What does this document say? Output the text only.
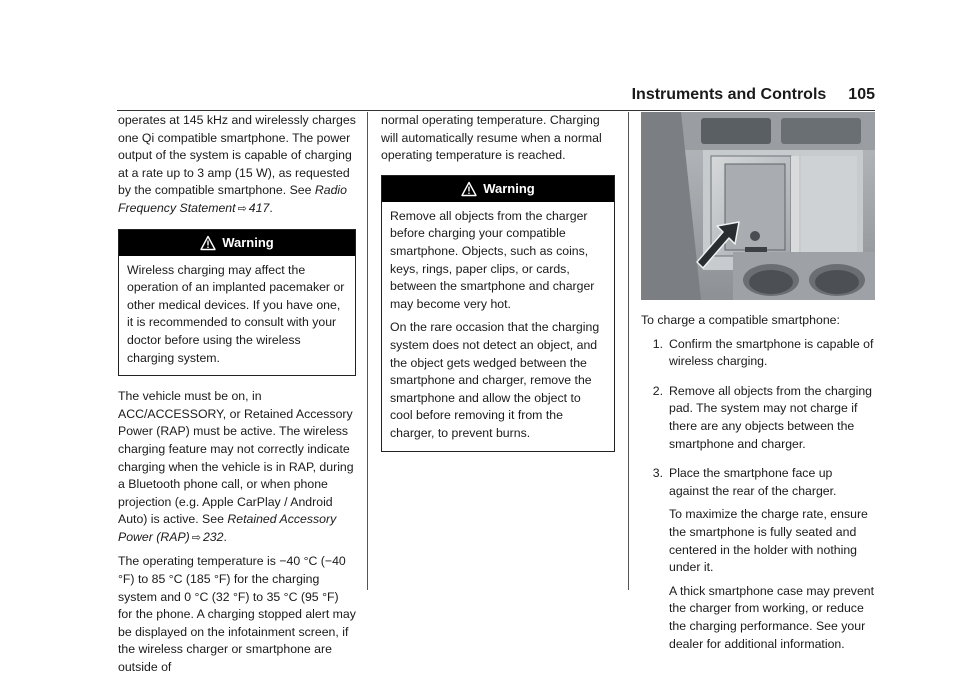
Instruments and Controls 105

operates at 145 kHz and wirelessly charges one Qi compatible smartphone. The power output of the system is capable of charging at a rate up to 3 amp (15 W), as requested by the compatible smartphone. See Radio Frequency Statement ⇨ 417.

Warning

Wireless charging may affect the operation of an implanted pacemaker or other medical devices. If you have one, it is recommended to consult with your doctor before using the wireless charging system.

The vehicle must be on, in ACC/ACCESSORY, or Retained Accessory Power (RAP) must be active. The wireless charging feature may not correctly indicate charging when the vehicle is in RAP, during a Bluetooth phone call, or when phone projection (e.g. Apple CarPlay / Android Auto) is active. See Retained Accessory Power (RAP) ⇨ 232.

The operating temperature is −40 °C (−40 °F) to 85 °C (185 °F) for the charging system and 0 °C (32 °F) to 35 °C (95 °F) for the phone. A charging stopped alert may be displayed on the infotainment screen, if the wireless charger or smartphone are outside of

normal operating temperature. Charging will automatically resume when a normal operating temperature is reached.

Warning

Remove all objects from the charger before charging your compatible smartphone. Objects, such as coins, keys, rings, paper clips, or cards, between the smartphone and charger may become very hot.

On the rare occasion that the charging system does not detect an object, and the object gets wedged between the smartphone and charger, remove the smartphone and allow the object to cool before removing it from the charger, to prevent burns.

To charge a compatible smartphone:

1. Confirm the smartphone is capable of wireless charging.

2. Remove all objects from the charging pad. The system may not charge if there are any objects between the smartphone and charger.

3. Place the smartphone face up against the rear of the charger.

To maximize the charge rate, ensure the smartphone is fully seated and centered in the holder with nothing under it.

A thick smartphone case may prevent the charger from working, or reduce the charging performance. See your dealer for additional information.
